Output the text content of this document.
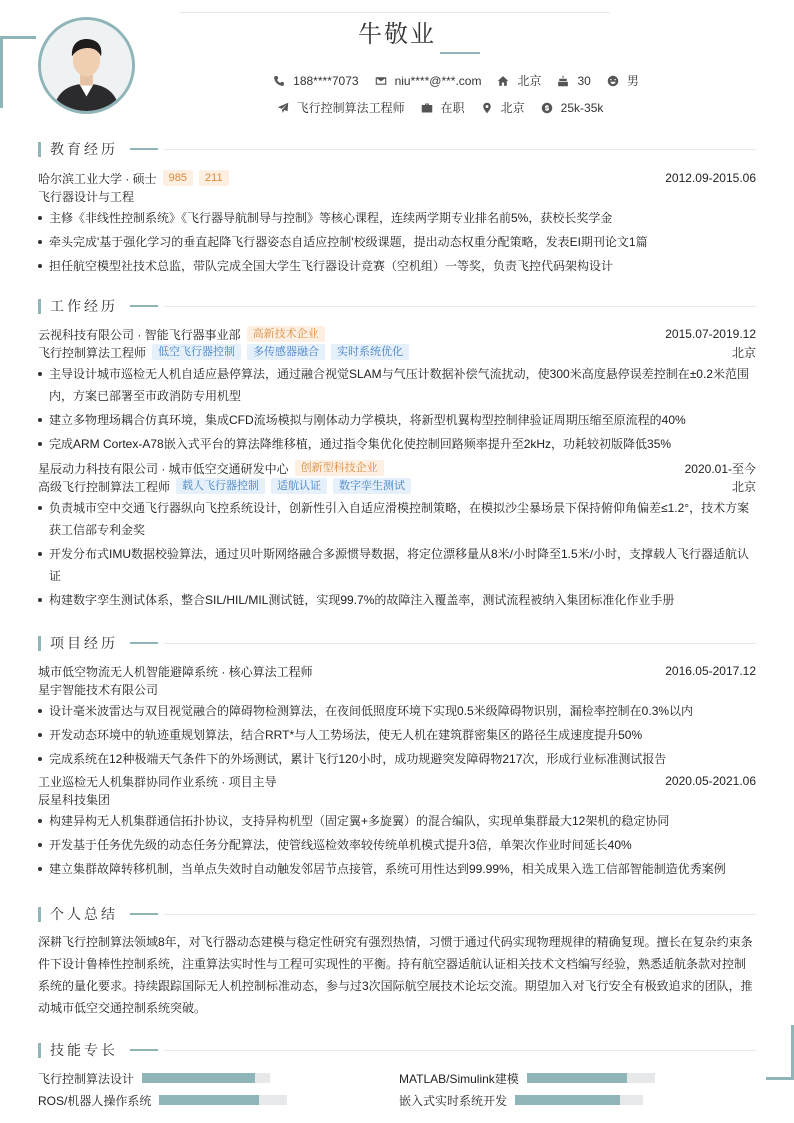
牛敬业
188****7073	niu****@***.com	北京	30	男
飞行控制算法工程师	在职	北京	25k-35k
教育经历
哈尔滨工业大学 · 硕士	985	211	2012.09-2015.06
飞行器设计与工程
主修《非线性控制系统》《飞行器导航制导与控制》等核心课程，连续两学期专业排名前5%，获校长奖学金
牵头完成'基于强化学习的垂直起降飞行器姿态自适应控制'校级课题，提出动态权重分配策略，发表EI期刊论文1篇
担任航空模型社技术总监，带队完成全国大学生飞行器设计竞赛（空机组）一等奖，负责飞控代码架构设计
工作经历
云视科技有限公司 · 智能飞行器事业部	高新技术企业	2015.07-2019.12
飞行控制算法工程师	低空飞行器控制	多传感器融合	实时系统优化	北京
主导设计城市巡检无人机自适应悬停算法，通过融合视觉SLAM与气压计数据补偿气流扰动，使300米高度悬停误差控制在±0.2米范围内，方案已部署至市政消防专用机型
建立多物理场耦合仿真环境，集成CFD流场模拟与刚体动力学模块，将新型机翼构型控制律验证周期压缩至原流程的40%
完成ARM Cortex-A78嵌入式平台的算法降维移植，通过指令集优化使控制回路频率提升至2kHz，功耗较初版降低35%
星辰动力科技有限公司 · 城市低空交通研发中心	创新型科技企业	2020.01-至今
高级飞行控制算法工程师	载人飞行器控制	适航认证	数字孪生测试	北京
负责城市空中交通飞行器纵向飞控系统设计，创新性引入自适应滑模控制策略，在模拟沙尘暴场景下保持俯仰角偏差≤1.2°，技术方案获工信部专利金奖
开发分布式IMU数据校验算法，通过贝叶斯网络融合多源惯导数据，将定位漂移量从8米/小时降至1.5米/小时，支撑载人飞行器适航认证
构建数字孪生测试体系，整合SIL/HIL/MIL测试链，实现99.7%的故障注入覆盖率，测试流程被纳入集团标准化作业手册
项目经历
城市低空物流无人机智能避障系统 · 核心算法工程师	2016.05-2017.12
星宇智能技术有限公司
设计毫米波雷达与双目视觉融合的障碍物检测算法，在夜间低照度环境下实现0.5米级障碍物识别，漏检率控制在0.3%以内
开发动态环境中的轨迹重规划算法，结合RRT*与人工势场法，使无人机在建筑群密集区的路径生成速度提升50%
完成系统在12种极端天气条件下的外场测试，累计飞行120小时，成功规避突发障碍物217次，形成行业标准测试报告
工业巡检无人机集群协同作业系统 · 项目主导	2020.05-2021.06
辰星科技集团
构建异构无人机集群通信拓扑协议，支持异构机型（固定翼+多旋翼）的混合编队，实现单集群最大12架机的稳定协同
开发基于任务优先级的动态任务分配算法，使管线巡检效率较传统单机模式提升3倍，单架次作业时间延长40%
建立集群故障转移机制，当单点失效时自动触发邻居节点接管，系统可用性达到99.99%，相关成果入选工信部智能制造优秀案例
个人总结

深耕飞行控制算法领域8年，对飞行器动态建模与稳定性研究有强烈热情，习惯于通过代码实现物理规律的精确复现。擅长在复杂约束条件下设计鲁棒性控制系统，注重算法实时性与工程可实现性的平衡。持有航空器适航认证相关技术文档编写经验，熟悉适航条款对控制系统的量化要求。持续跟踪国际无人机控制标准动态，参与过3次国际航空展技术论坛交流。期望加入对飞行安全有极致追求的团队，推动城市低空交通控制系统突破。

技能专长
飞行控制算法设计	MATLAB/Simulink建模
ROS/机器人操作系统	嵌入式实时系统开发
